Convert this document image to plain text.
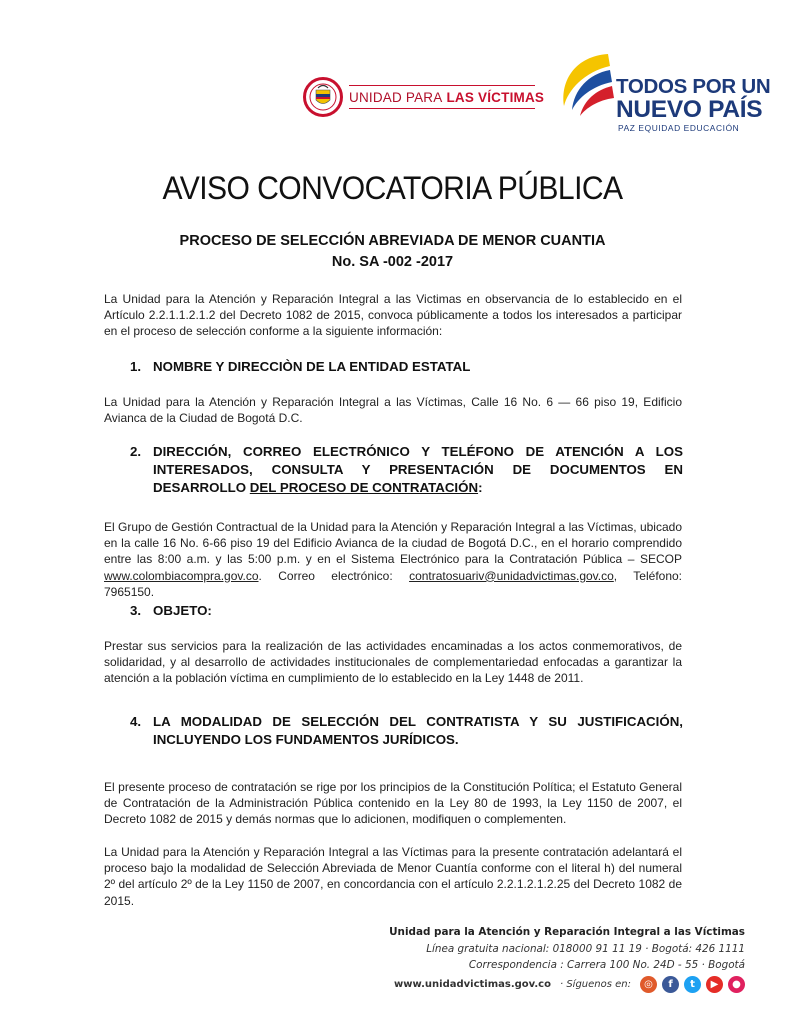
UNIDAD PARA LAS VÍCTIMAS	TODOS POR UN
NUEVO PAÍS
PAZ EQUIDAD EDUCACIÓN
AVISO CONVOCATORIA PÚBLICA
PROCESO DE SELECCIÓN ABREVIADA DE MENOR CUANTIA
No. SA -002 -2017
La Unidad para la Atención y Reparación Integral a las Victimas en observancia de lo establecido en el Artículo 2.2.1.1.2.1.2 del Decreto 1082 de 2015, convoca públicamente a todos los interesados a participar en el proceso de selección conforme a la siguiente información:
1. NOMBRE Y DIRECCIÒN DE LA ENTIDAD ESTATAL
La Unidad para la Atención y Reparación Integral a las Víctimas, Calle 16 No. 6 — 66 piso 19, Edificio Avianca de la Ciudad de Bogotá D.C.
2. DIRECCIÓN, CORREO ELECTRÓNICO Y TELÉFONO DE ATENCIÓN A LOS INTERESADOS, CONSULTA Y PRESENTACIÓN DE DOCUMENTOS EN DESARROLLO DEL PROCESO DE CONTRATACIÓN:
El Grupo de Gestión Contractual de la Unidad para la Atención y Reparación Integral a las Víctimas, ubicado en la calle 16 No. 6-66 piso 19 del Edificio Avianca de la ciudad de Bogotá D.C., en el horario comprendido entre las 8:00 a.m. y las 5:00 p.m. y en el Sistema Electrónico para la Contratación Pública – SECOP www.colombiacompra.gov.co. Correo electrónico: contratosuariv@unidadvictimas.gov.co, Teléfono: 7965150.
3. OBJETO:
Prestar sus servicios para la realización de las actividades encaminadas a los actos conmemorativos, de solidaridad, y al desarrollo de actividades institucionales de complementariedad enfocadas a garantizar la atención a la población víctima en cumplimiento de lo establecido en la Ley 1448 de 2011.
4. LA MODALIDAD DE SELECCIÓN DEL CONTRATISTA Y SU JUSTIFICACIÓN, INCLUYENDO LOS FUNDAMENTOS JURÍDICOS.
El presente proceso de contratación se rige por los principios de la Constitución Política; el Estatuto General de Contratación de la Administración Pública contenido en la Ley 80 de 1993, la Ley 1150 de 2007, el Decreto 1082 de 2015 y demás normas que lo adicionen, modifiquen o complementen.
La Unidad para la Atención y Reparación Integral a las Víctimas para la presente contratación adelantará el proceso bajo la modalidad de Selección Abreviada de Menor Cuantía conforme con el literal h) del numeral 2º del artículo 2º de la Ley 1150 de 2007, en concordancia con el artículo 2.2.1.2.1.2.25 del Decreto 1082 de 2015.
Unidad para la Atención y Reparación Integral a las Víctimas
Línea gratuita nacional: 018000 91 11 19 · Bogotá: 426 1111
Correspondencia : Carrera 100 No. 24D - 55 · Bogotá
www.unidadvictimas.gov.co · Síguenos en:	◎	f	t	▶	●
